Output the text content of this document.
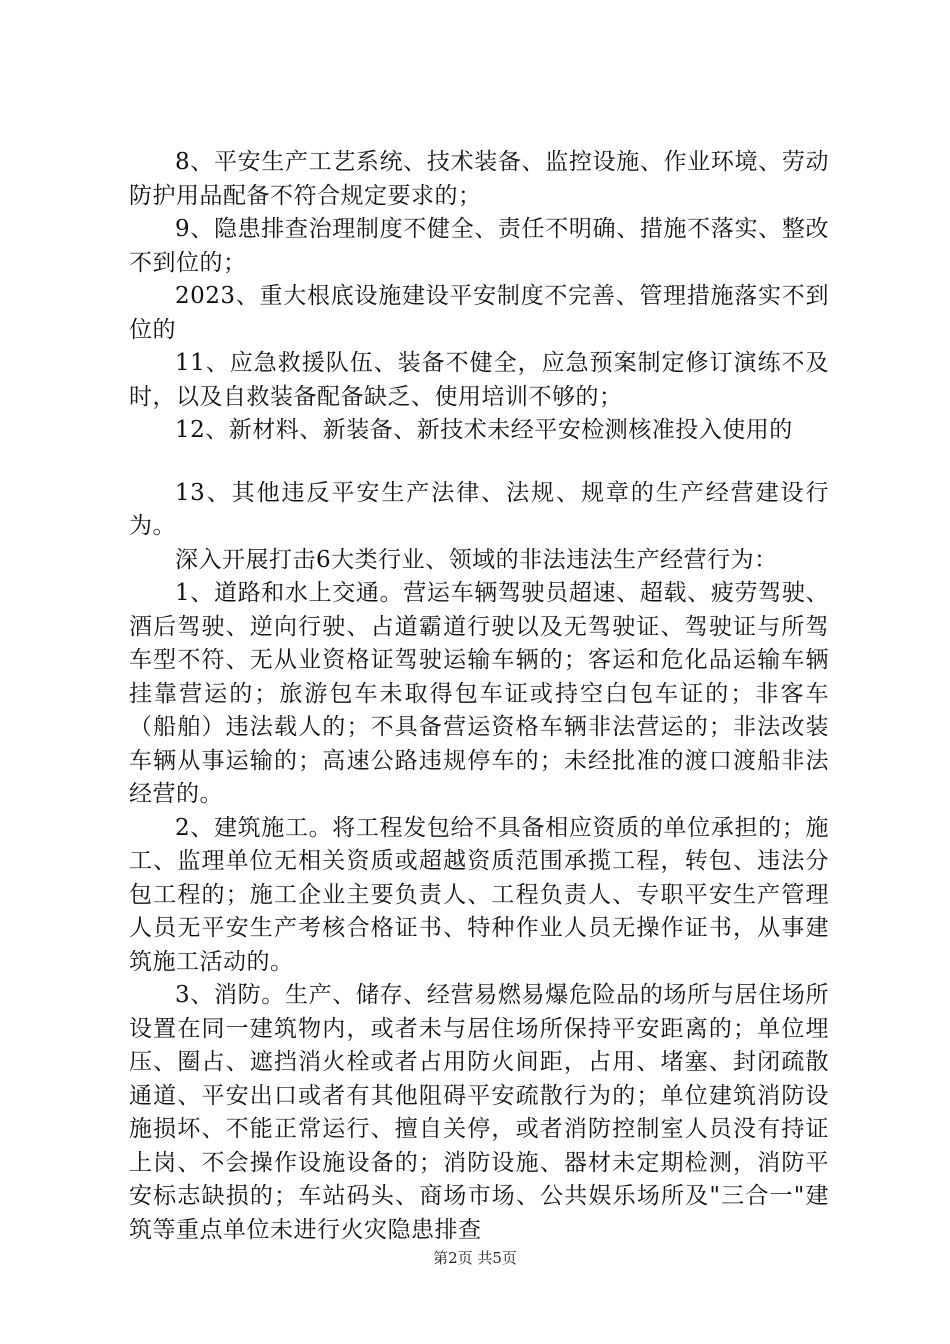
8、平安生产工艺系统、技术装备、监控设施、作业环境、劳动防护用品配备不符合规定要求的；

9、隐患排查治理制度不健全、责任不明确、措施不落实、整改不到位的；

2023、重大根底设施建设平安制度不完善、管理措施落实不到位的

11、应急救援队伍、装备不健全，应急预案制定修订演练不及时，以及自救装备配备缺乏、使用培训不够的；

12、新材料、新装备、新技术未经平安检测核准投入使用的

13、其他违反平安生产法律、法规、规章的生产经营建设行为。

深入开展打击6大类行业、领域的非法违法生产经营行为：

1、道路和水上交通。营运车辆驾驶员超速、超载、疲劳驾驶、酒后驾驶、逆向行驶、占道霸道行驶以及无驾驶证、驾驶证与所驾车型不符、无从业资格证驾驶运输车辆的；客运和危化品运输车辆挂靠营运的；旅游包车未取得包车证或持空白包车证的；非客车（船舶）违法载人的；不具备营运资格车辆非法营运的；非法改装车辆从事运输的；高速公路违规停车的；未经批准的渡口渡船非法经营的。

2、建筑施工。将工程发包给不具备相应资质的单位承担的；施工、监理单位无相关资质或超越资质范围承揽工程，转包、违法分包工程的；施工企业主要负责人、工程负责人、专职平安生产管理人员无平安生产考核合格证书、特种作业人员无操作证书，从事建筑施工活动的。

3、消防。生产、储存、经营易燃易爆危险品的场所与居住场所设置在同一建筑物内，或者未与居住场所保持平安距离的；单位埋压、圈占、遮挡消火栓或者占用防火间距，占用、堵塞、封闭疏散通道、平安出口或者有其他阻碍平安疏散行为的；单位建筑消防设施损坏、不能正常运行、擅自关停，或者消防控制室人员没有持证上岗、不会操作设施设备的；消防设施、器材未定期检测，消防平安标志缺损的；车站码头、商场市场、公共娱乐场所及"三合一"建筑等重点单位未进行火灾隐患排查

第2页 共5页
